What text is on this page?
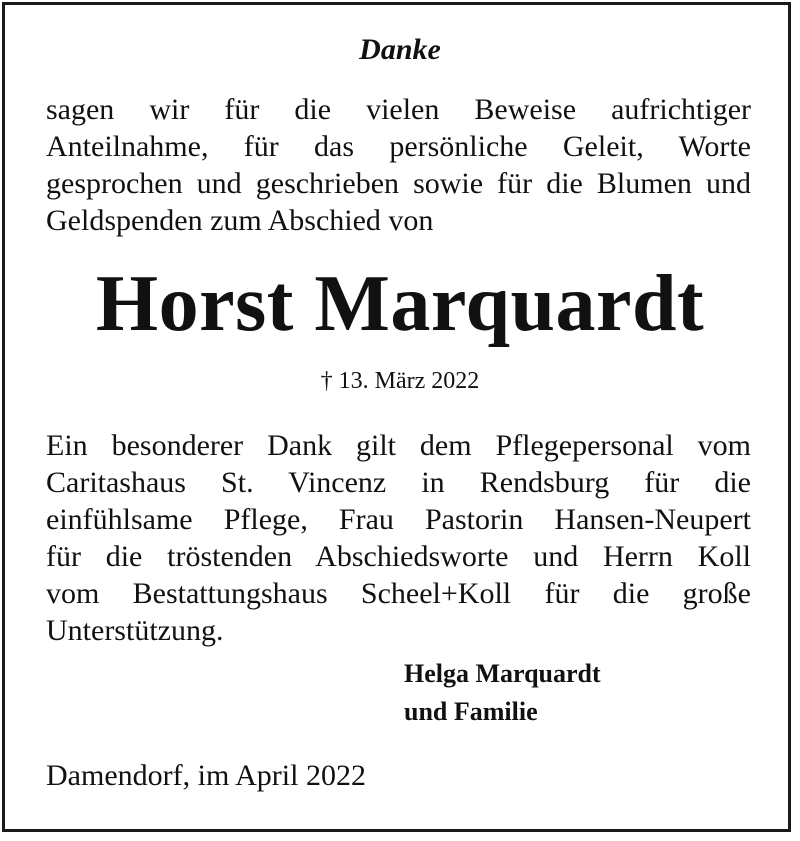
Danke
sagen wir für die vielen Beweise aufrichtiger
Anteilnahme, für das persönliche Geleit, Worte
gesprochen und geschrieben sowie für die Blumen und
Geldspenden zum Abschied von
Horst Marquardt
† 13. März 2022
Ein besonderer Dank gilt dem Pflegepersonal vom
Caritashaus St. Vincenz in Rendsburg für die
einfühlsame Pflege, Frau Pastorin Hansen-Neupert
für die tröstenden Abschiedsworte und Herrn Koll
vom Bestattungshaus Scheel+Koll für die große
Unterstützung.
Helga Marquardt
und Familie
Damendorf, im April 2022
